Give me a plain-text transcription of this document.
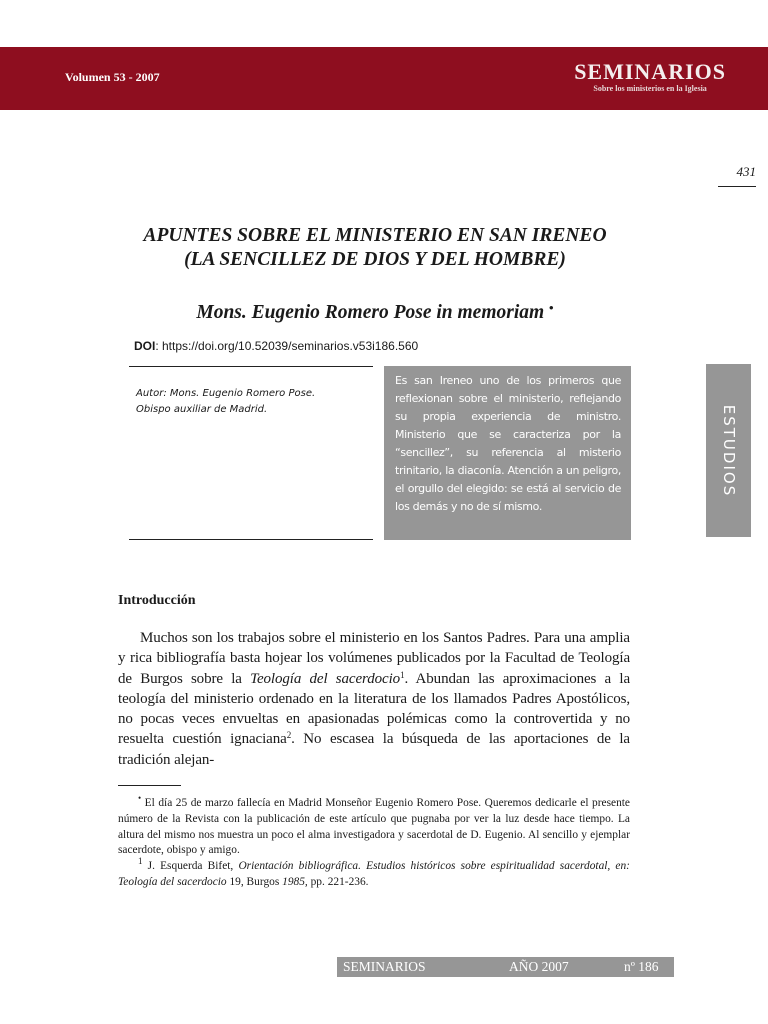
Volumen 53 - 2007	SEMINARIOS
Sobre los ministerios en la Iglesia
431
APUNTES SOBRE EL MINISTERIO EN SAN IRENEO
(LA SENCILLEZ DE DIOS Y DEL HOMBRE)
Mons. Eugenio Romero Pose in memoriam •
DOI: https://doi.org/10.52039/seminarios.v53i186.560
Autor: Mons. Eugenio Romero Pose.
Obispo auxiliar de Madrid.
Es san Ireneo uno de los primeros que reflexionan sobre el ministerio, reflejando su propia experiencia de ministro. Ministerio que se caracteriza por la “sencillez”, su referencia al misterio trinitario, la diaconía. Atención a un peligro, el orgullo del elegido: se está al servicio de los demás y no de sí mismo.
ESTUDIOS
Introducción

Muchos son los trabajos sobre el ministerio en los Santos Padres. Para una amplia y rica bibliografía basta hojear los volúmenes publicados por la Facultad de Teología de Burgos sobre la Teología del sacerdocio$^1$. Abundan las aproximaciones a la teología del ministerio ordenado en la literatura de los llamados Padres Apostólicos, no pocas veces envueltas en apasionadas polémicas como la controvertida y no resuelta cuestión ignaciana$^2$. No escasea la búsqueda de las aportaciones de la tradición alejan-

• El día 25 de marzo fallecía en Madrid Monseñor Eugenio Romero Pose. Queremos dedicarle el presente número de la Revista con la publicación de este artículo que pugnaba por ver la luz desde hace tiempo. La altura del mismo nos muestra un poco el alma investigadora y sacerdotal de D. Eugenio. Al sencillo y ejemplar sacerdote, obispo y amigo.

$^1$ J. Esquerda Bifet, Orientación bibliográfica. Estudios históricos sobre espiritualidad sacerdotal, en: Teología del sacerdocio 19, Burgos 1985, pp. 221-236.

SEMINARIOS	AÑO 2007	nº 186
